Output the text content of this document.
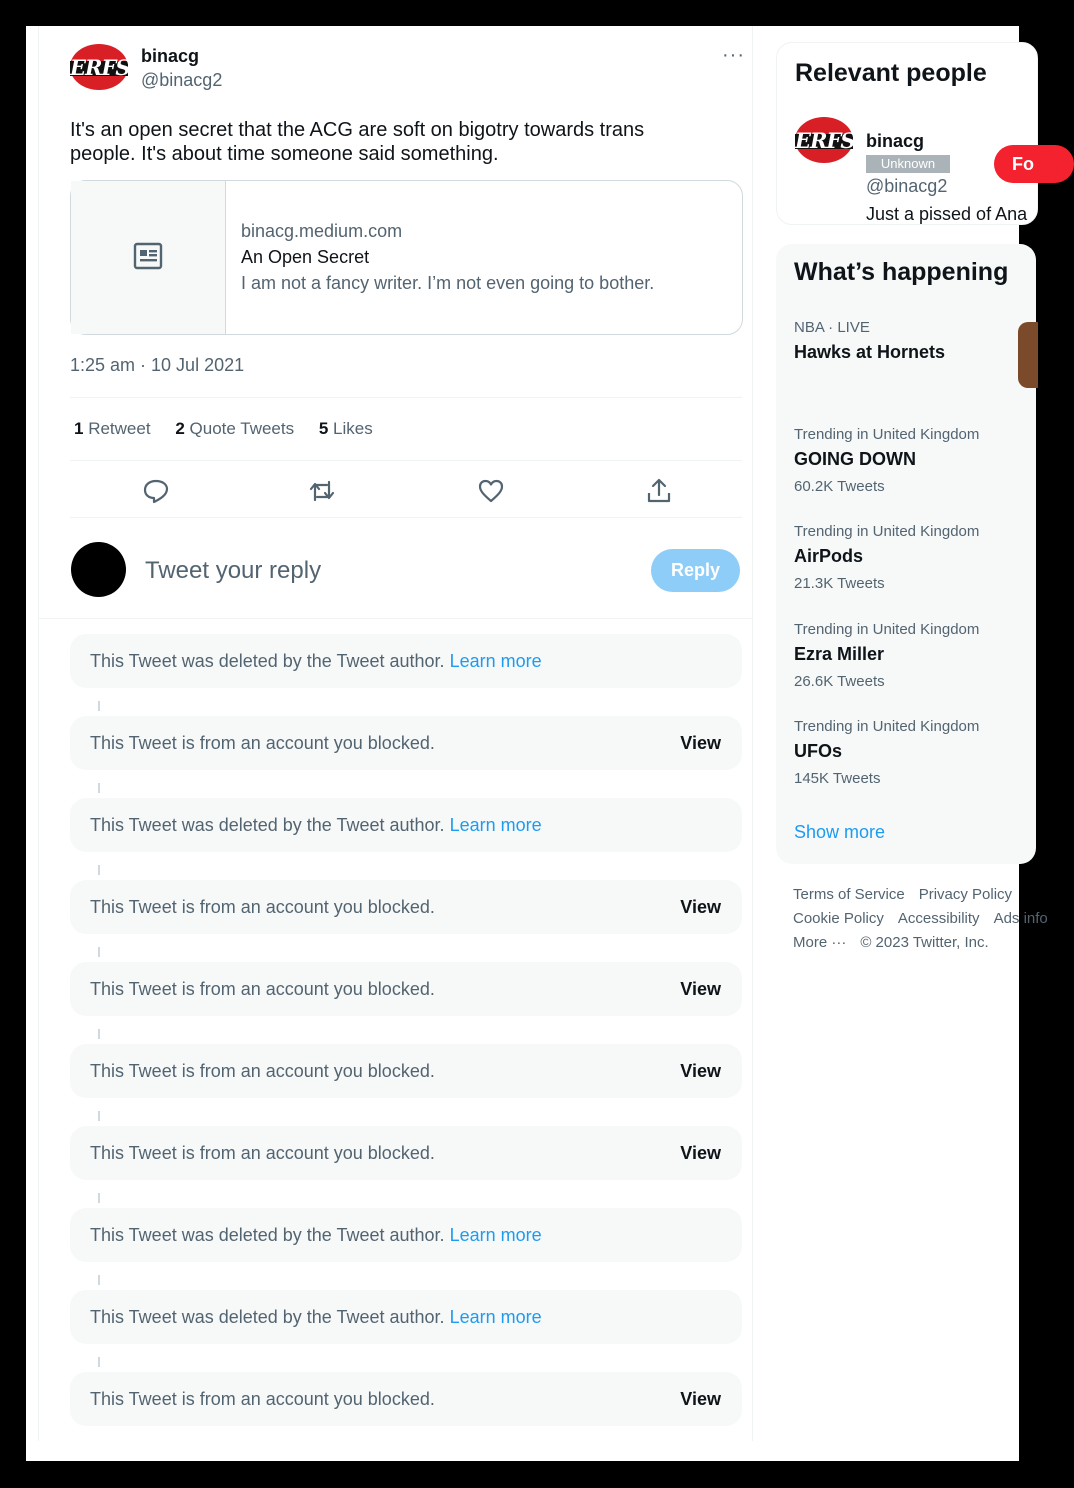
ERFS binacg
@binacg2
···
It's an open secret that the ACG are soft on bigotry towards trans people. It's about time someone said something.
binacg.medium.com
An Open Secret
I am not a fancy writer. I’m not even going to bother.
1:25 am · 10 Jul 2021
1 Retweet 2 Quote Tweets 5 Likes
Tweet your reply
Reply
This Tweet was deleted by the Tweet author. Learn more
This Tweet is from an account you blocked.	View
This Tweet was deleted by the Tweet author. Learn more
This Tweet is from an account you blocked.	View
This Tweet is from an account you blocked.	View
This Tweet is from an account you blocked.	View
This Tweet is from an account you blocked.	View
This Tweet was deleted by the Tweet author. Learn more
This Tweet was deleted by the Tweet author. Learn more
This Tweet is from an account you blocked.	View
Relevant people
ERFS binacg
Unknown
@binacg2
Just a pissed of Ana
Fo
What’s happening
NBA · LIVE
Hawks at Hornets
Trending in United Kingdom
GOING DOWN
60.2K Tweets
Trending in United Kingdom
AirPods
21.3K Tweets
Trending in United Kingdom
Ezra Miller
26.6K Tweets
Trending in United Kingdom
UFOs
145K Tweets
Show more
Terms of Service Privacy Policy
Cookie Policy Accessibility Ads info
More ··· © 2023 Twitter, Inc.
